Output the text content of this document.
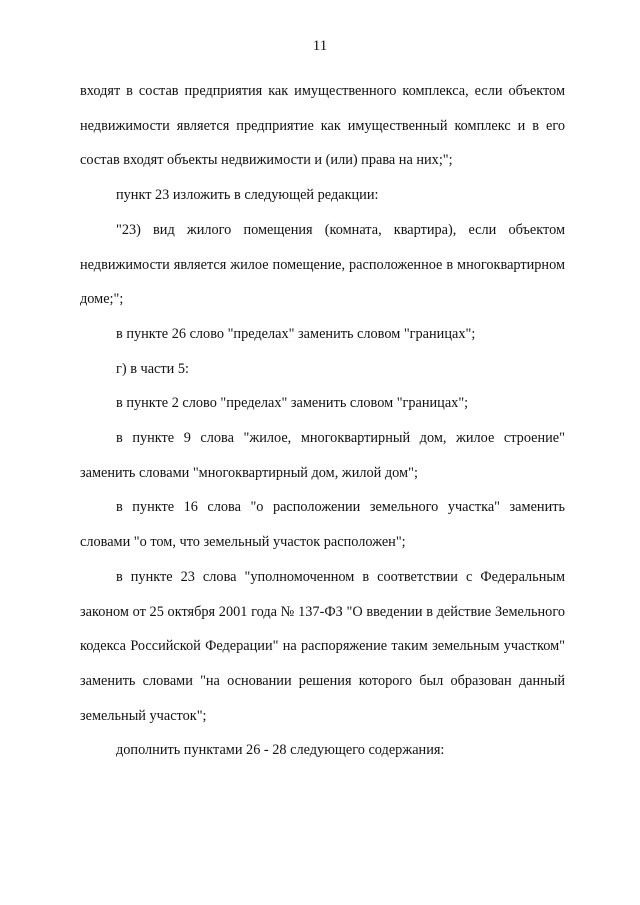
11

входят в состав предприятия как имущественного комплекса, если объектом недвижимости является предприятие как имущественный комплекс и в его состав входят объекты недвижимости и (или) права на них;";

пункт 23 изложить в следующей редакции:

"23) вид жилого помещения (комната, квартира), если объектом недвижимости является жилое помещение, расположенное в многоквартирном доме;";

в пункте 26 слово "пределах" заменить словом "границах";

г) в части 5:

в пункте 2 слово "пределах" заменить словом "границах";

в пункте 9 слова "жилое, многоквартирный дом, жилое строение" заменить словами "многоквартирный дом, жилой дом";

в пункте 16 слова "о расположении земельного участка" заменить словами "о том, что земельный участок расположен";

в пункте 23 слова "уполномоченном в соответствии с Федеральным законом от 25 октября 2001 года № 137-ФЗ "О введении в действие Земельного кодекса Российской Федерации" на распоряжение таким земельным участком" заменить словами "на основании решения которого был образован данный земельный участок";

дополнить пунктами 26 - 28 следующего содержания:
